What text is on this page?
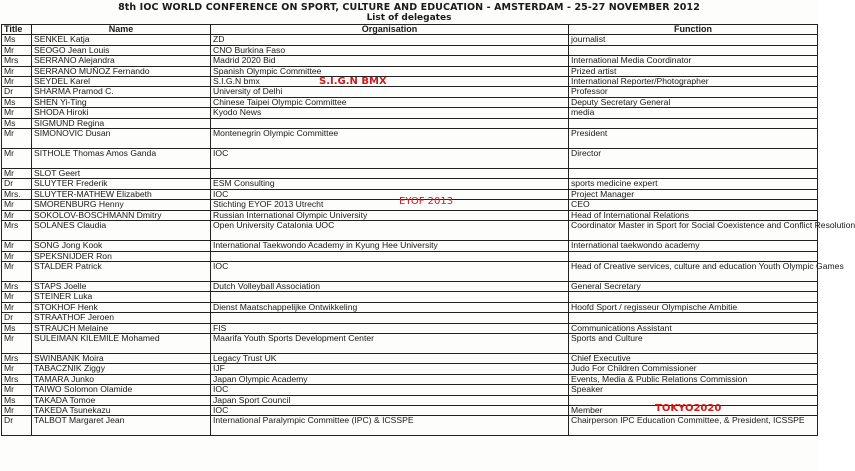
8th IOC WORLD CONFERENCE ON SPORT, CULTURE AND EDUCATION - AMSTERDAM - 25-27 NOVEMBER 2012
List of delegates
Title	Name	Organisation	Function
Ms	SENKEL Katja	ZD	journalist
Mr	SEOGO Jean Louis	CNO Burkina Faso	
Mrs	SERRANO Alejandra	Madrid 2020 Bid	International Media Coordinator
Mr	SERRANO MUÑOZ Fernando	Spanish Olympic Committee	Prized artist
Mr	SEYDEL Karel	S.I.G.N bmx S.I.G.N BMX	International Reporter/Photographer
Dr	SHARMA Pramod C.	University of Delhi	Professor
Ms	SHEN Yi-Ting	Chinese Taipei Olympic Committee	Deputy Secretary General
Mr	SHODA Hiroki	Kyodo News	media
Ms	SIGMUND Regina		
Mr	SIMONOVIC Dusan	Montenegrin Olympic Committee	President
Mr	SITHOLE Thomas Amos Ganda	IOC	Director
Mr	SLOT Geert		
Dr	SLUYTER Frederik	ESM Consulting	sports medicine expert
Mrs.	SLUYTER-MATHEW Elizabeth	IOC	Project Manager
Mr	SMORENBURG Henny	Stichting EYOF 2013 Utrecht EYOF 2013	CEO
Mr	SOKOLOV-BOSCHMANN Dmitry	Russian International Olympic University	Head of International Relations
Mrs	SOLANES Claudia	Open University Catalonia UOC	Coordinator Master in Sport for Social Coexistence and Conflict Resolution
Mr	SONG Jong Kook	International Taekwondo Academy in Kyung Hee University	International taekwondo academy
Mr	SPEKSNIJDER Ron		
Mr	STALDER Patrick	IOC	Head of Creative services, culture and education Youth Olympic Games
Mrs	STAPS Joelle	Dutch Volleyball Association	General Secretary
Mr	STEINER Luka		
Mr	STOKHOF Henk	Dienst Maatschappelijke Ontwikkeling	Hoofd Sport / regisseur Olympische Ambitie
Dr	STRAATHOF Jeroen		
Ms	STRAUCH Melaine	FIS	Communications Assistant
Mr	SULEIMAN KILEMILE Mohamed	Maarifa Youth Sports Development Center	Sports and Culture
Mrs	SWINBANK Moira	Legacy Trust UK	Chief Executive
Mr	TABACZNIK Ziggy	IJF	Judo For Children Commissioner
Mrs	TAMARA Junko	Japan Olympic Academy	Events, Media & Public Relations Commission
Mr	TAIWO Solomon Olamide	IOC	Speaker
Ms	TAKADA Tomoe	Japan Sport Council	
Mr	TAKEDA Tsunekazu	IOC	Member TOKYO2020

Dr	TALBOT Margaret Jean	International Paralympic Committee (IPC) & ICSSPE	Chairperson IPC Education Committee, & President, ICSSPE
